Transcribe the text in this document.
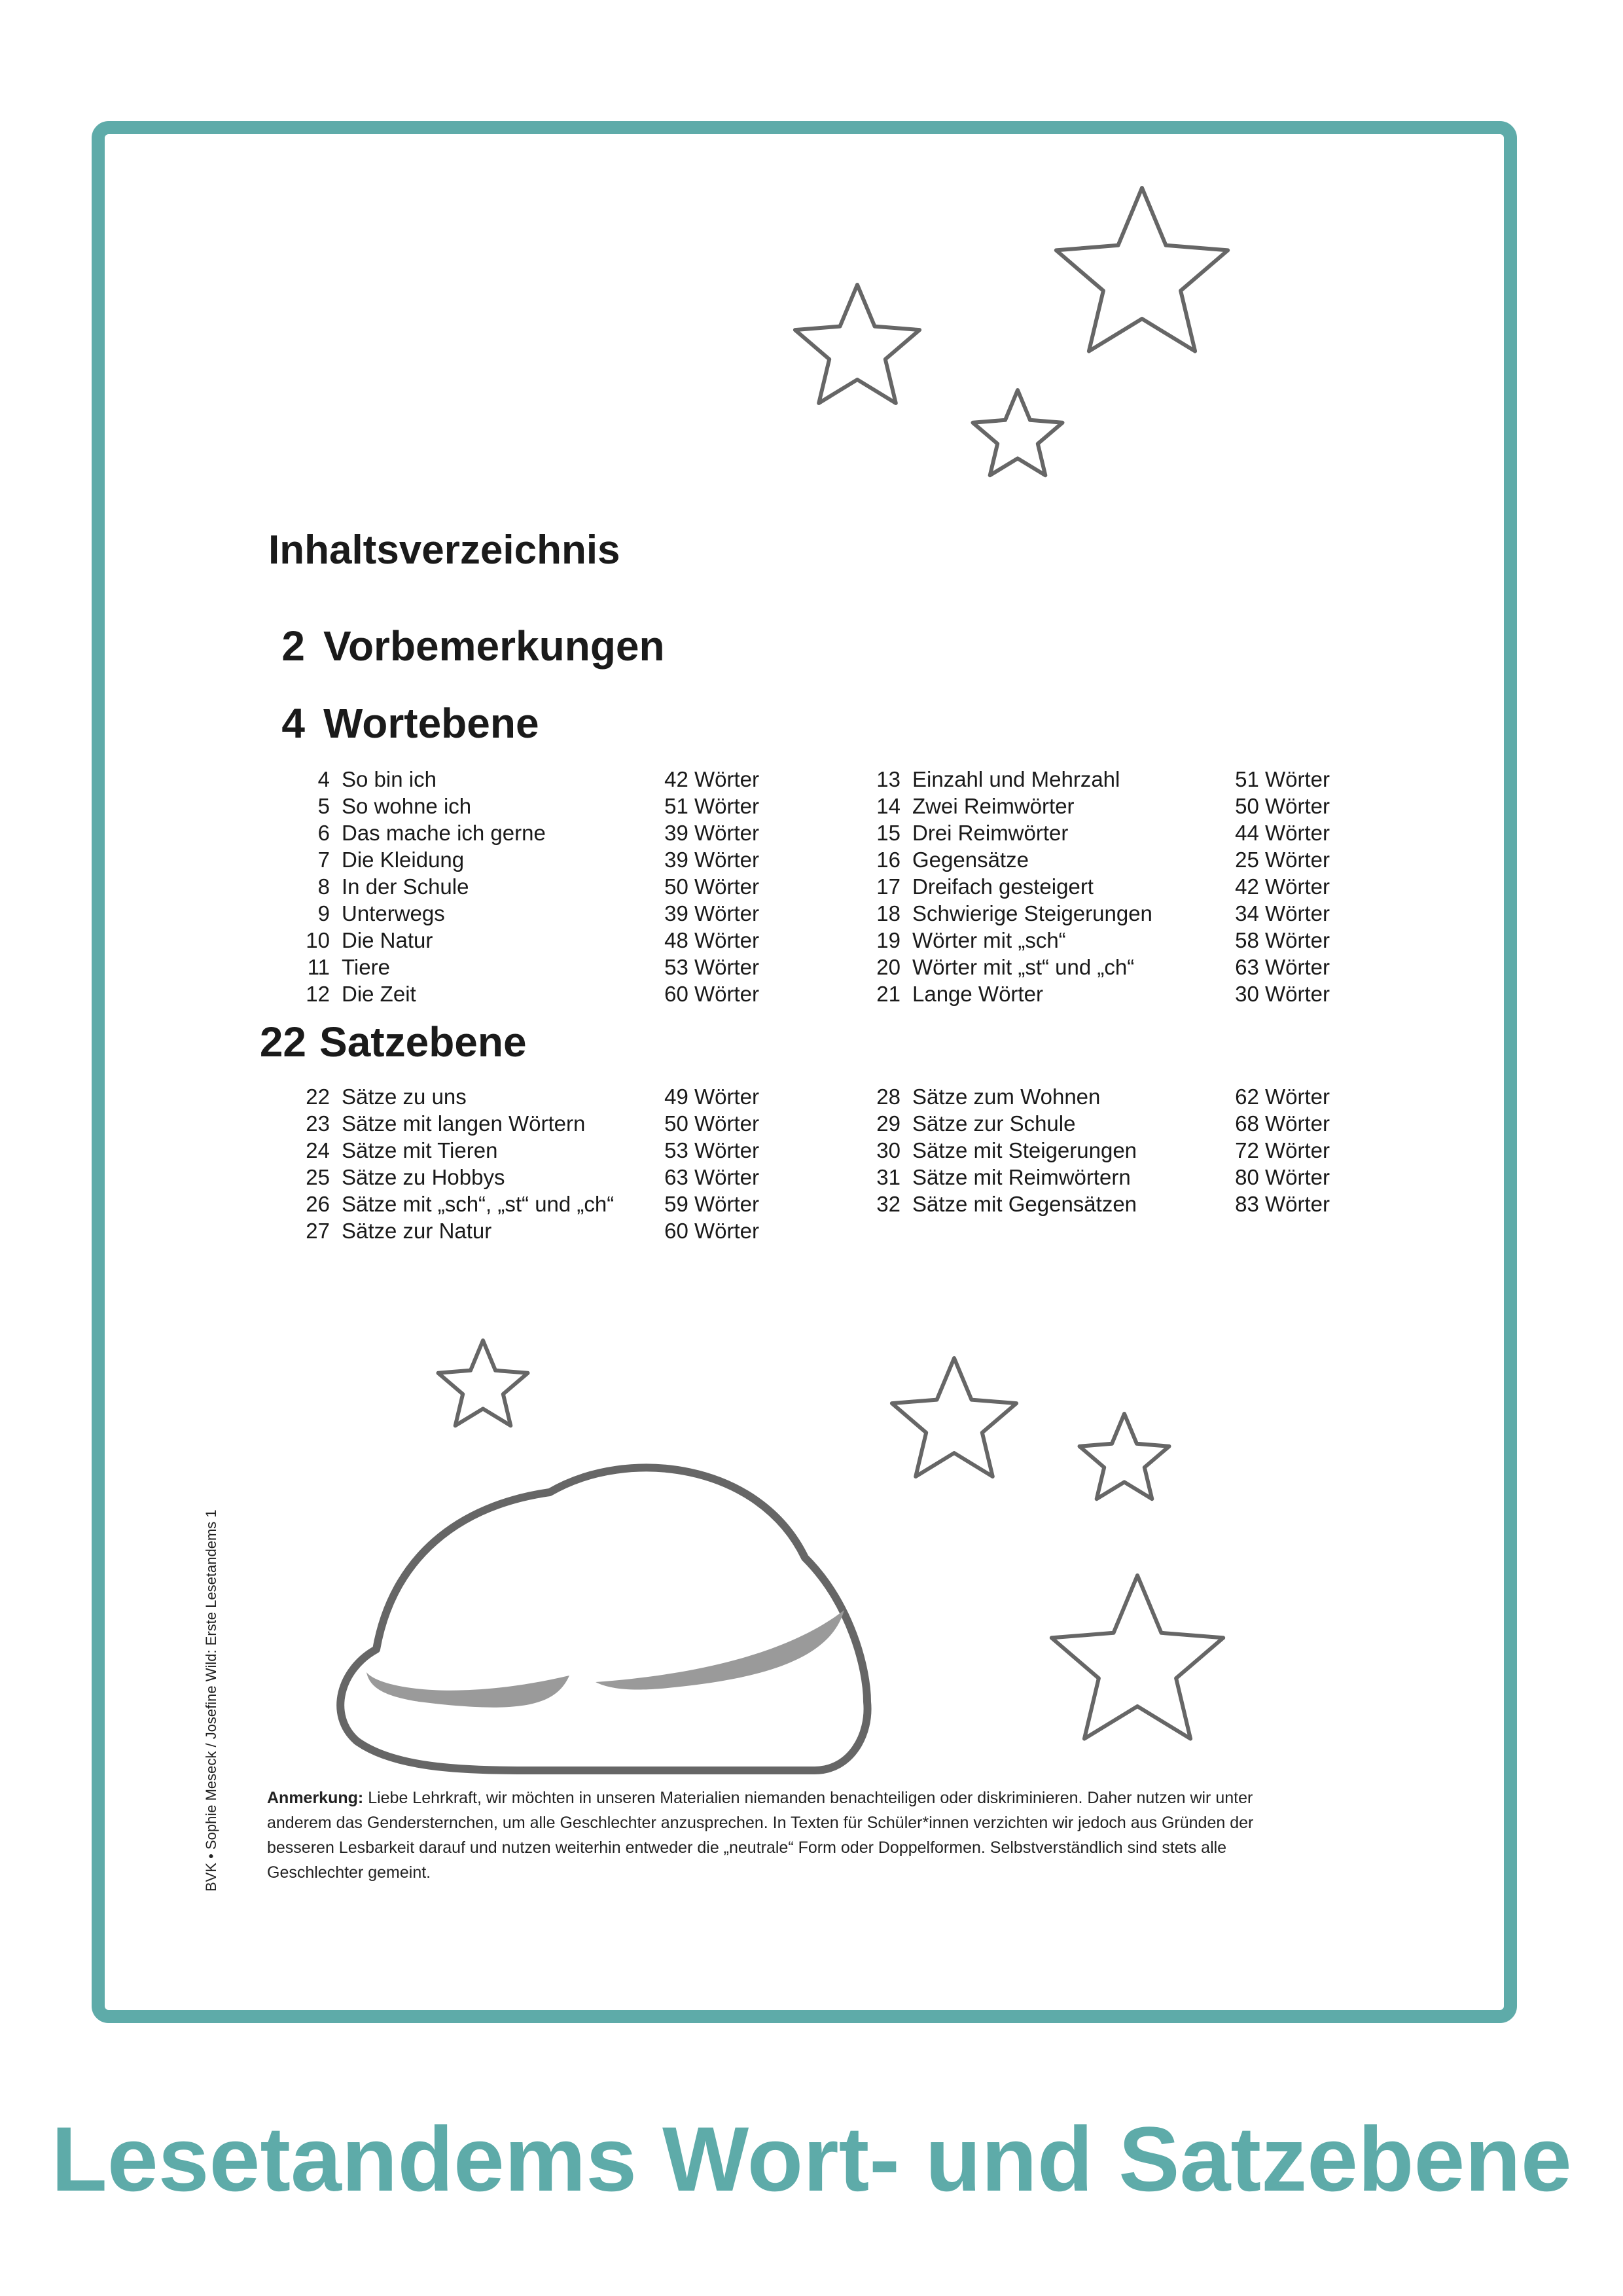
Inhaltsverzeichnis
2 Vorbemerkungen
4 Wortebene
4 So bin ich	42 Wörter
5 So wohne ich	51 Wörter
6 Das mache ich gerne	39 Wörter
7 Die Kleidung	39 Wörter
8 In der Schule	50 Wörter
9 Unterwegs	39 Wörter
10 Die Natur	48 Wörter
11 Tiere	53 Wörter
12 Die Zeit	60 Wörter
13 Einzahl und Mehrzahl	51 Wörter
14 Zwei Reimwörter	50 Wörter
15 Drei Reimwörter	44 Wörter
16 Gegensätze	25 Wörter
17 Dreifach gesteigert	42 Wörter
18 Schwierige Steigerungen	34 Wörter
19 Wörter mit „sch“	58 Wörter
20 Wörter mit „st“ und „ch“	63 Wörter
21 Lange Wörter	30 Wörter
22 Satzebene
22 Sätze zu uns	49 Wörter
23 Sätze mit langen Wörtern	50 Wörter
24 Sätze mit Tieren	53 Wörter
25 Sätze zu Hobbys	63 Wörter
26 Sätze mit „sch“, „st“ und „ch“	59 Wörter
27 Sätze zur Natur	60 Wörter
28 Sätze zum Wohnen	62 Wörter
29 Sätze zur Schule	68 Wörter
30 Sätze mit Steigerungen	72 Wörter
31 Sätze mit Reimwörtern	80 Wörter
32 Sätze mit Gegensätzen	83 Wörter
BVK • Sophie Meseck / Josefine Wild: Erste Lesetandems 1	Anmerkung: Liebe Lehrkraft, wir möchten in unseren Materialien niemanden benachteiligen oder diskriminieren. Daher nutzen wir unter anderem das Gendersternchen, um alle Geschlechter anzusprechen. In Texten für Schüler*innen verzichten wir jedoch aus Gründen der besseren Lesbarkeit darauf und nutzen weiterhin entweder die „neutrale“ Form oder Doppelformen. Selbstverständlich sind stets alle Geschlechter gemeint.
Lesetandems Wort- und Satzebene
